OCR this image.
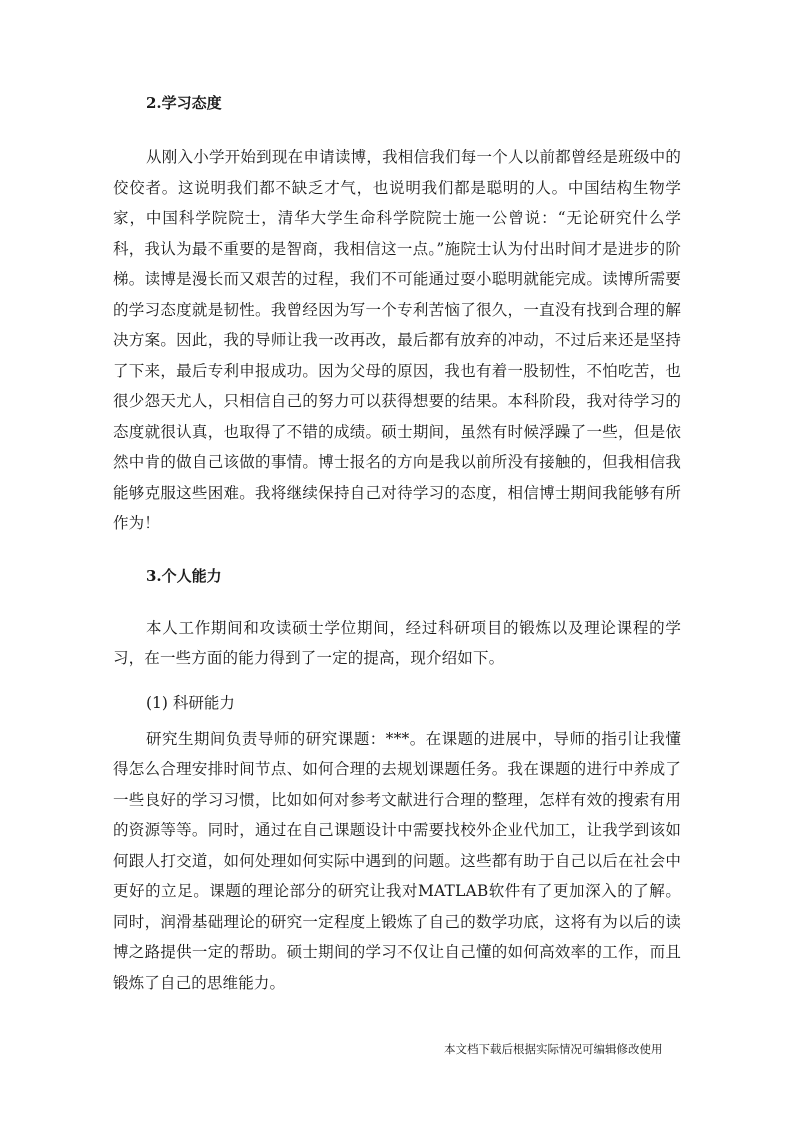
2.学习态度

从刚入小学开始到现在申请读博，我相信我们每一个人以前都曾经是班级中的佼佼者。这说明我们都不缺乏才气，也说明我们都是聪明的人。中国结构生物学家，中国科学院院士，清华大学生命科学院院士施一公曾说：“无论研究什么学科，我认为最不重要的是智商，我相信这一点。”施院士认为付出时间才是进步的阶梯。读博是漫长而又艰苦的过程，我们不可能通过耍小聪明就能完成。读博所需要的学习态度就是韧性。我曾经因为写一个专利苦恼了很久，一直没有找到合理的解决方案。因此，我的导师让我一改再改，最后都有放弃的冲动，不过后来还是坚持了下来，最后专利申报成功。因为父母的原因，我也有着一股韧性，不怕吃苦，也很少怨天尤人，只相信自己的努力可以获得想要的结果。本科阶段，我对待学习的态度就很认真，也取得了不错的成绩。硕士期间，虽然有时候浮躁了一些，但是依然中肯的做自己该做的事情。博士报名的方向是我以前所没有接触的，但我相信我能够克服这些困难。我将继续保持自己对待学习的态度，相信博士期间我能够有所作为！

3.个人能力

本人工作期间和攻读硕士学位期间，经过科研项目的锻炼以及理论课程的学习，在一些方面的能力得到了一定的提高，现介绍如下。

(1) 科研能力

研究生期间负责导师的研究课题：***。在课题的进展中，导师的指引让我懂得怎么合理安排时间节点、如何合理的去规划课题任务。我在课题的进行中养成了一些良好的学习习惯，比如如何对参考文献进行合理的整理，怎样有效的搜索有用的资源等等。同时，通过在自己课题设计中需要找校外企业代加工，让我学到该如何跟人打交道，如何处理如何实际中遇到的问题。这些都有助于自己以后在社会中更好的立足。课题的理论部分的研究让我对MATLAB软件有了更加深入的了解。同时，润滑基础理论的研究一定程度上锻炼了自己的数学功底，这将有为以后的读博之路提供一定的帮助。硕士期间的学习不仅让自己懂的如何高效率的工作，而且锻炼了自己的思维能力。

本文档下载后根据实际情况可编辑修改使用
